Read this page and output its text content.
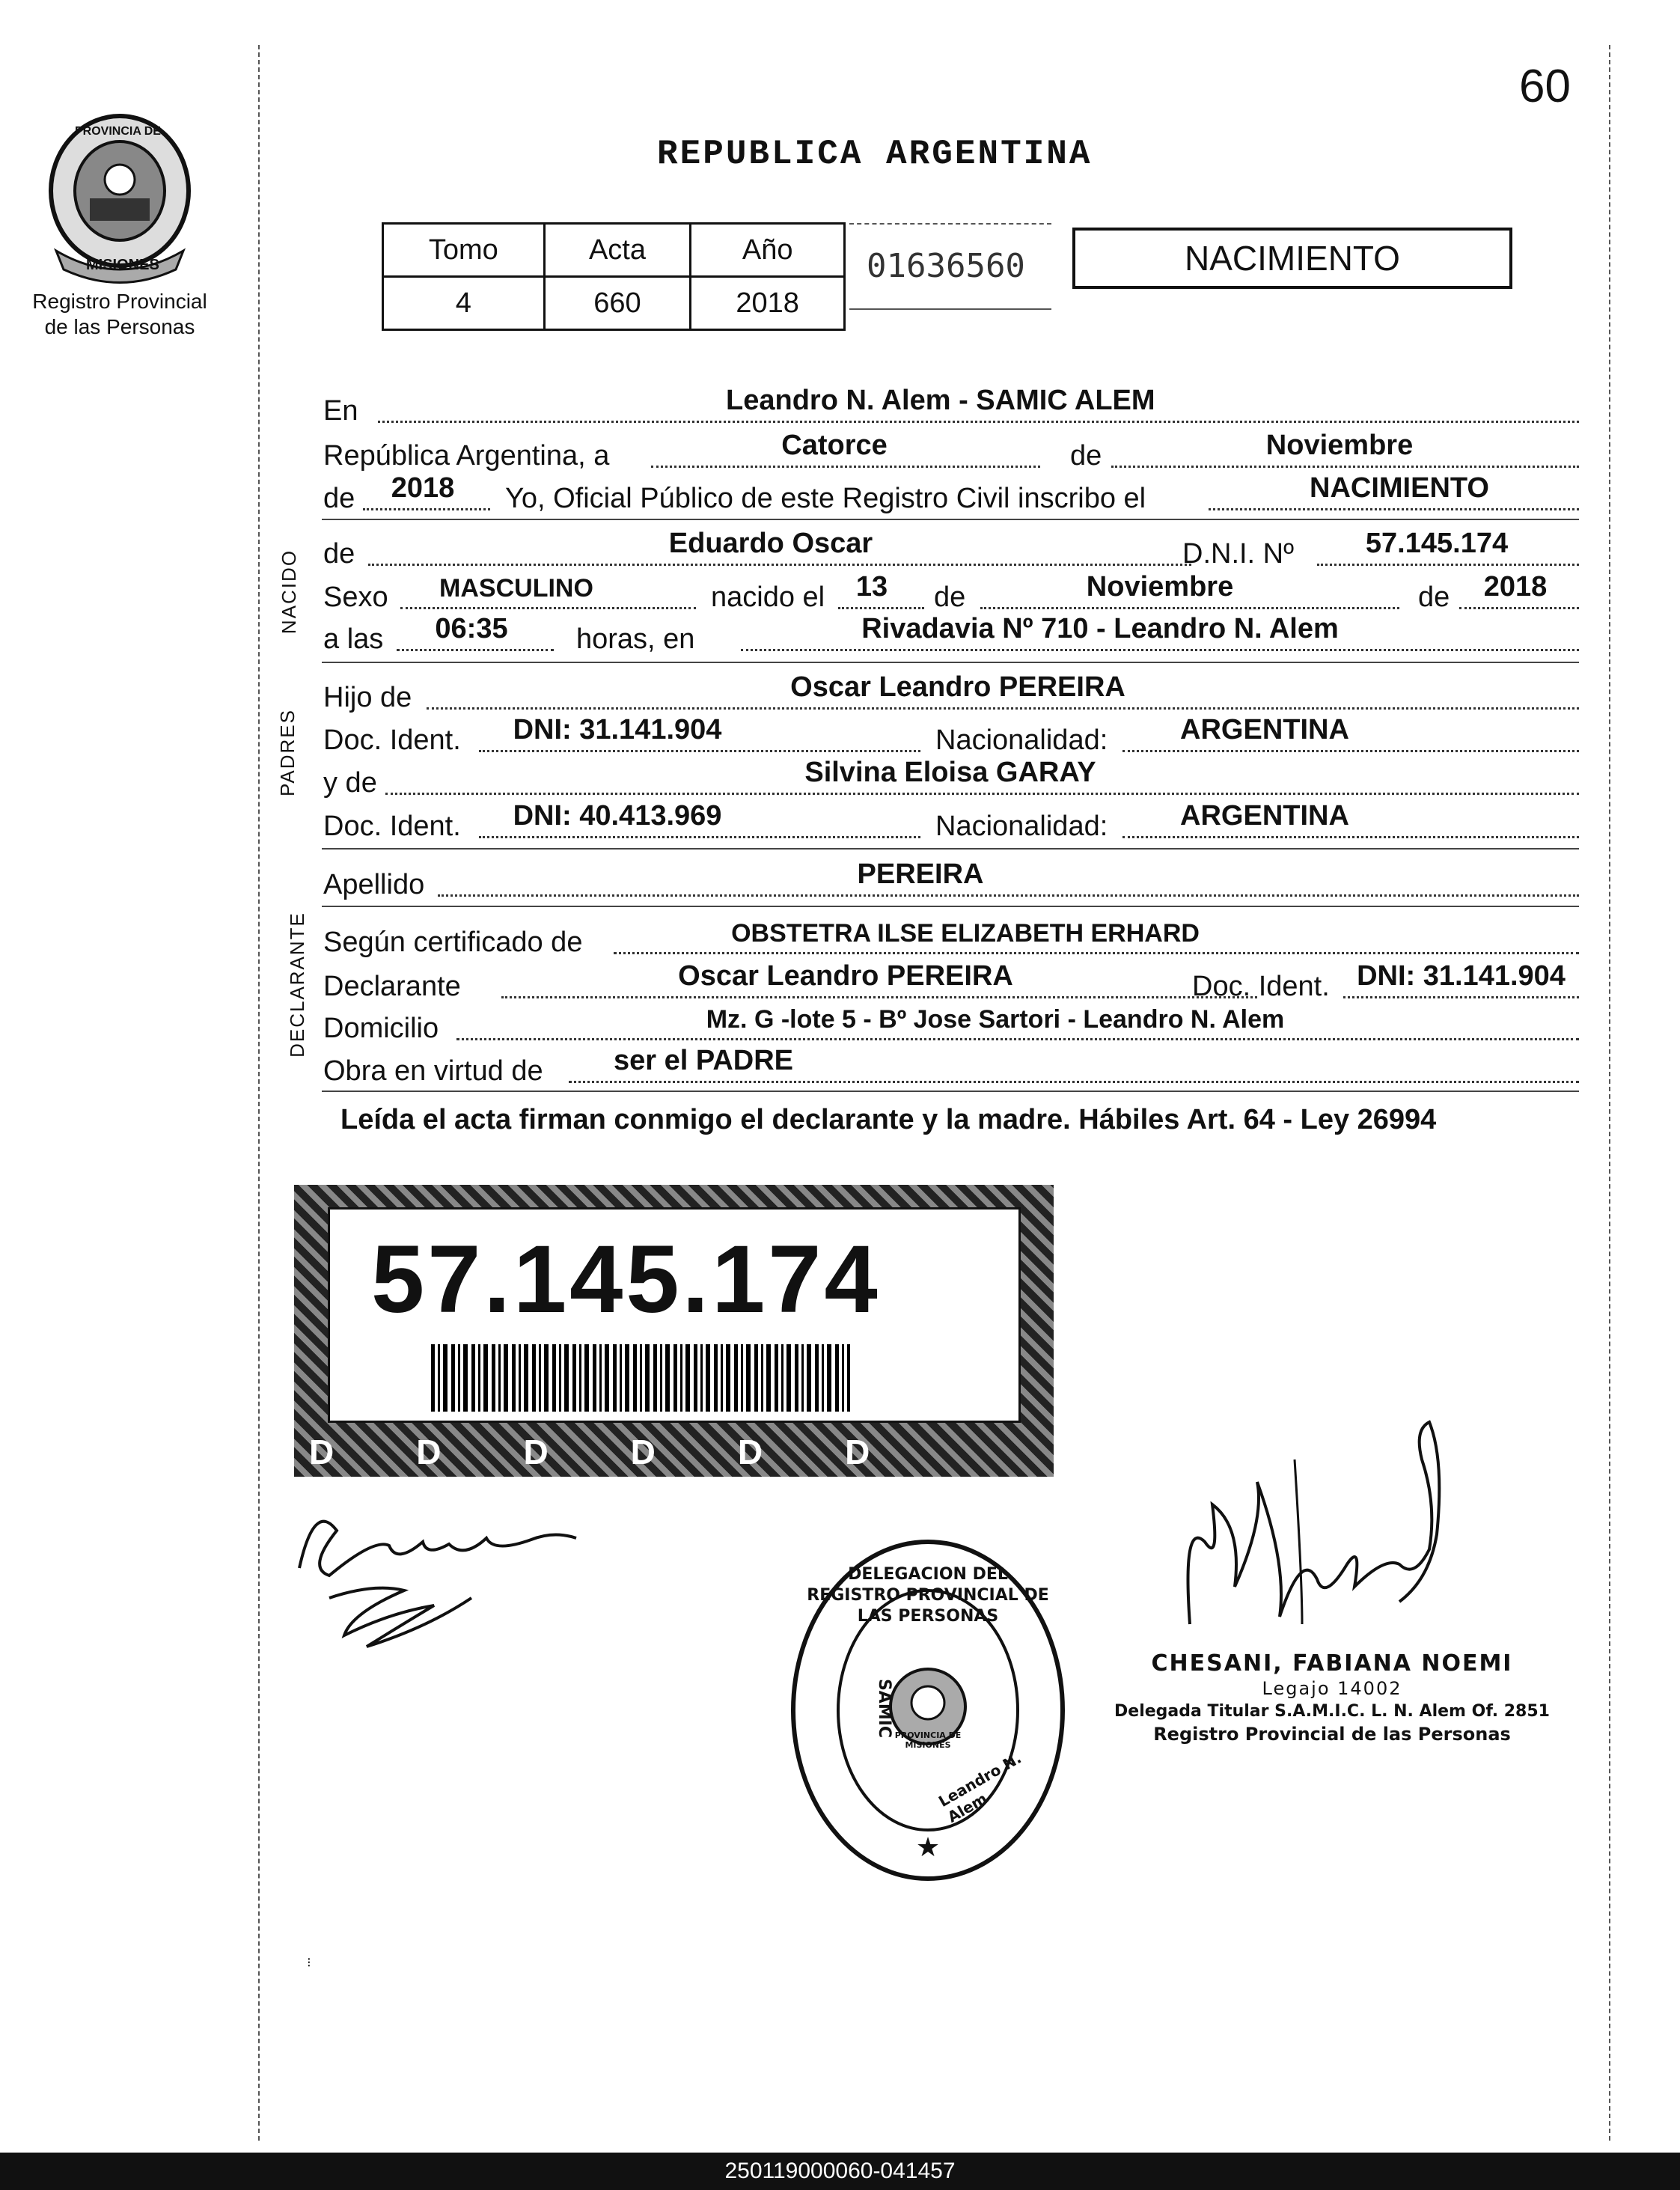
PROVINCIA DE
MISIONES
Registro Provincial
de las Personas
60
REPUBLICA ARGENTINA
Tomo	Acta	Año
4	660	2018
01636560	NACIMIENTO
NACIDO
PADRES
DECLARANTE
En	Leandro N. Alem - SAMIC ALEM
República Argentina, a	Catorce	de	Noviembre
de	2018	Yo, Oficial Público de este Registro Civil inscribo el	NACIMIENTO
de	Eduardo Oscar	D.N.I. Nº	57.145.174
Sexo	MASCULINO	nacido el	13	de	Noviembre	de	2018
a las	06:35	horas, en	Rivadavia Nº 710 - Leandro N. Alem
Hijo de	Oscar Leandro PEREIRA
Doc. Ident.	DNI: 31.141.904	Nacionalidad:	ARGENTINA
y de	Silvina Eloisa GARAY
Doc. Ident.	DNI: 40.413.969	Nacionalidad:	ARGENTINA
Apellido	PEREIRA
Según certificado de	OBSTETRA ILSE ELIZABETH ERHARD
Declarante	Oscar Leandro PEREIRA	Doc. Ident. DNI: 31.141.904
Domicilio	Mz. G -lote 5 - Bº Jose Sartori - Leandro N. Alem
Obra en virtud de	ser el PADRE
Leída el acta firman conmigo el declarante y la madre. Hábiles Art. 64 - Ley 26994
57.145.174
DDDDDD
★
DELEGACION DEL REGISTRO PROVINCIAL DE LAS PERSONAS
SAMIC
Leandro N. Alem
PROVINCIA DE MISIONES
CHESANI, FABIANA NOEMI
Legajo 14002
Delegada Titular S.A.M.I.C. L. N. Alem Of. 2851
Registro Provincial de las Personas
⁝
250119000060-041457
